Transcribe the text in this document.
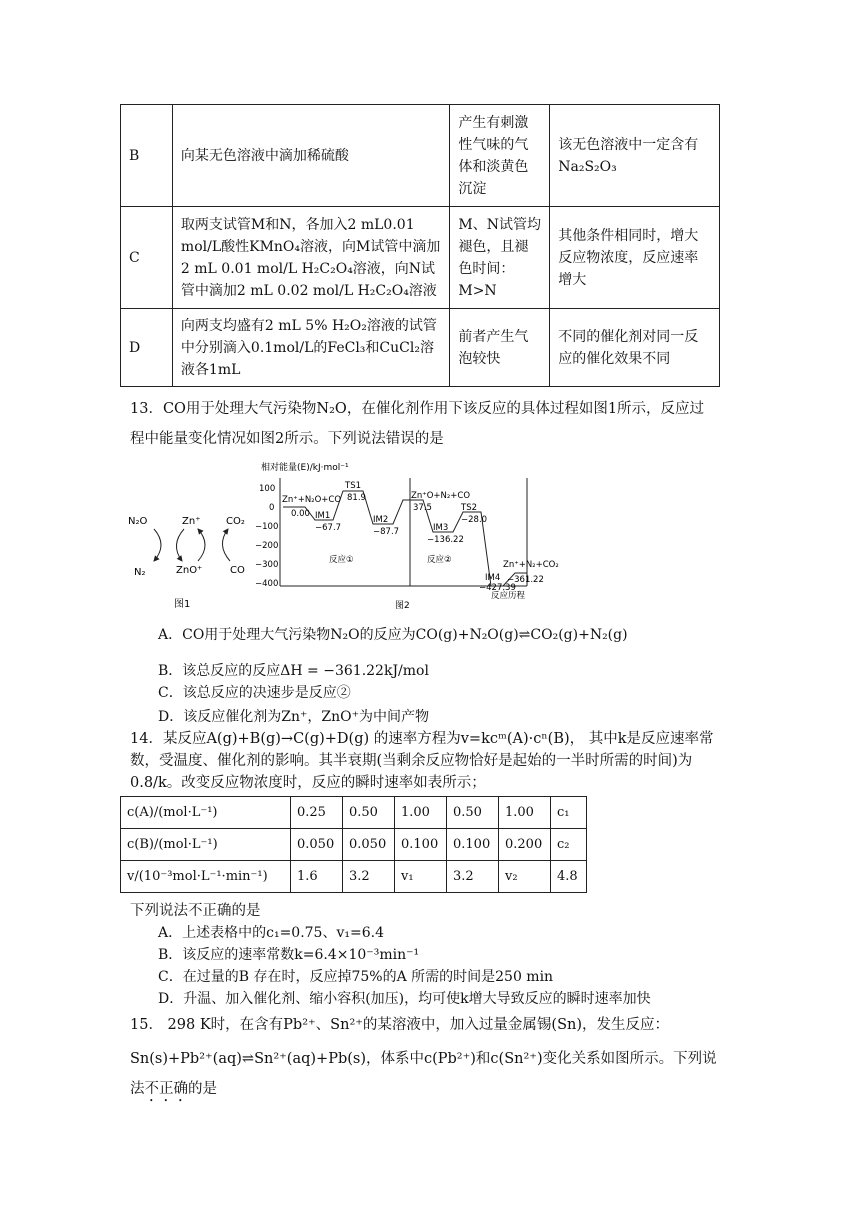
B	向某无色溶液中滴加稀硫酸	产生有刺激性气味的气体和淡黄色沉淀	该无色溶液中一定含有Na₂S₂O₃
C	取两支试管M和N，各加入2 mL0.01 mol/L酸性KMnO₄溶液，向M试管中滴加2 mL 0.01 mol/L H₂C₂O₄溶液，向N试管中滴加2 mL 0.02 mol/L H₂C₂O₄溶液	M、N试管均褪色，且褪色时间：M>N	其他条件相同时，增大反应物浓度，反应速率增大
D	向两支均盛有2 mL 5% H₂O₂溶液的试管中分别滴入0.1mol/L的FeCl₃和CuCl₂溶液各1mL	前者产生气泡较快	不同的催化剂对同一反应的催化效果不同
13．CO用于处理大气污染物N₂O，在催化剂作用下该反应的具体过程如图1所示，反应过
程中能量变化情况如图2所示。下列说法错误的是
N₂O
N₂
Zn⁺
ZnO⁺
CO₂
CO
图1
相对能量(E)/kJ·mol⁻¹
100
0
−100
−200
−300
−400
Zn⁺+N₂O+CO
0.00 IM1
−67.7
TS1
81.9
IM2
−87.7
Zn⁺O+N₂+CO
37.5
IM3
−136.22
TS2
−28.0
IM4
−427.39
Zn⁺+N₂+CO₂
−361.22
反应①	反应②
反应历程
图2
A．CO用于处理大气污染物N₂O的反应为CO(g)+N₂O(g)⇌CO₂(g)+N₂(g)
B．该总反应的反应ΔH = −361.22kJ/mol
C．该总反应的决速步是反应②
D．该反应催化剂为Zn⁺，ZnO⁺为中间产物
14．某反应A(g)+B(g)→C(g)+D(g) 的速率方程为v=kcᵐ(A)·cⁿ(B)， 其中k是反应速率常
数，受温度、催化剂的影响。其半衰期(当剩余反应物恰好是起始的一半时所需的时间)为
0.8/k。改变反应物浓度时，反应的瞬时速率如表所示；
c(A)/(mol·L⁻¹)	0.25	0.50	1.00	0.50	1.00	c₁
c(B)/(mol·L⁻¹)	0.050	0.050	0.100	0.100	0.200	c₂
v/(10⁻³mol·L⁻¹·min⁻¹)	1.6	3.2	v₁	3.2	v₂	4.8
下列说法不正确的是
A．上述表格中的c₁=0.75、v₁=6.4
B．该反应的速率常数k=6.4×10⁻³min⁻¹
C．在过量的B 存在时，反应掉75%的A 所需的时间是250 min
D．升温、加入催化剂、缩小容积(加压)，均可使k增大导致反应的瞬时速率加快
15． 298 K时，在含有Pb²⁺、Sn²⁺的某溶液中，加入过量金属锡(Sn)，发生反应：
Sn(s)+Pb²⁺(aq)⇌Sn²⁺(aq)+Pb(s)，体系中c(Pb²⁺)和c(Sn²⁺)变化关系如图所示。下列说
法不正确的是
